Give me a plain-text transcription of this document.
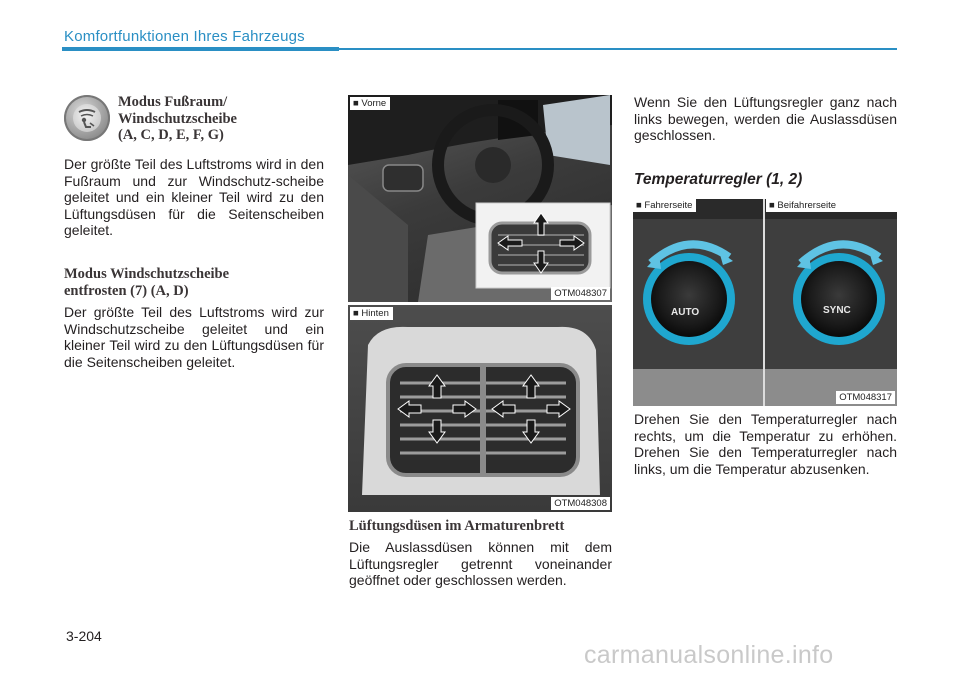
Komfortfunktionen Ihres Fahrzeugs
Modus Fußraum/
Windschutzscheibe
(A, C, D, E, F, G)
Der größte Teil des Luftstroms wird in den Fußraum und zur Windschutz-scheibe geleitet und ein kleiner Teil wird zu den Lüftungsdüsen für die Seitenscheiben geleitet.
Modus Windschutzscheibe
entfrosten (7) (A, D)
Der größte Teil des Luftstroms wird zur Windschutzscheibe geleitet und ein kleiner Teil wird zu den Lüftungsdüsen für die Seitenscheiben geleitet.
■ Vorne
OTM048307
■ Hinten
OTM048308
Lüftungsdüsen im Armaturenbrett
Die Auslassdüsen können mit dem Lüftungsregler getrennt voneinander geöffnet oder geschlossen werden.
Wenn Sie den Lüftungsregler ganz nach links bewegen, werden die Auslassdüsen geschlossen.
Temperaturregler (1, 2)
AUTO	SYNC
■ Fahrerseite	■ Beifahrerseite
OTM048317
Drehen Sie den Temperaturregler nach rechts, um die Temperatur zu erhöhen. Drehen Sie den Temperaturregler nach links, um die Temperatur abzusenken.
3-204
carmanualsonline.info
